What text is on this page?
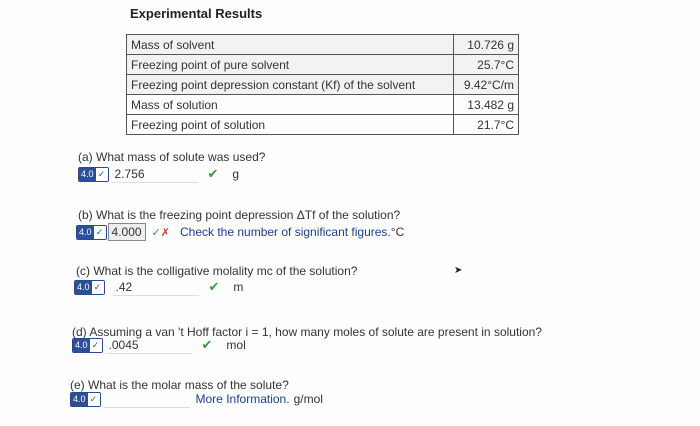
Experimental Results
Mass of solvent	10.726 g
Freezing point of pure solvent	25.7°C
Freezing point depression constant (Kf) of the solvent	9.42°C/m
Mass of solution	13.482 g
Freezing point of solution	21.7°C
(a) What mass of solute was used?
4.0 ✓ 2.756	✔ g
(b) What is the freezing point depression ΔTf of the solution?
4.0 ✓ 4.000 ✓✗ Check the number of significant figures. °C
(c) What is the colligative molality mc of the solution?
4.0 ✓ .42	✔ m
(d) Assuming a van 't Hoff factor i = 1, how many moles of solute are present in solution?
4.0 ✓ .0045	✔ mol
(e) What is the molar mass of the solute?
4.0 ✓	More Information. g/mol
➤
